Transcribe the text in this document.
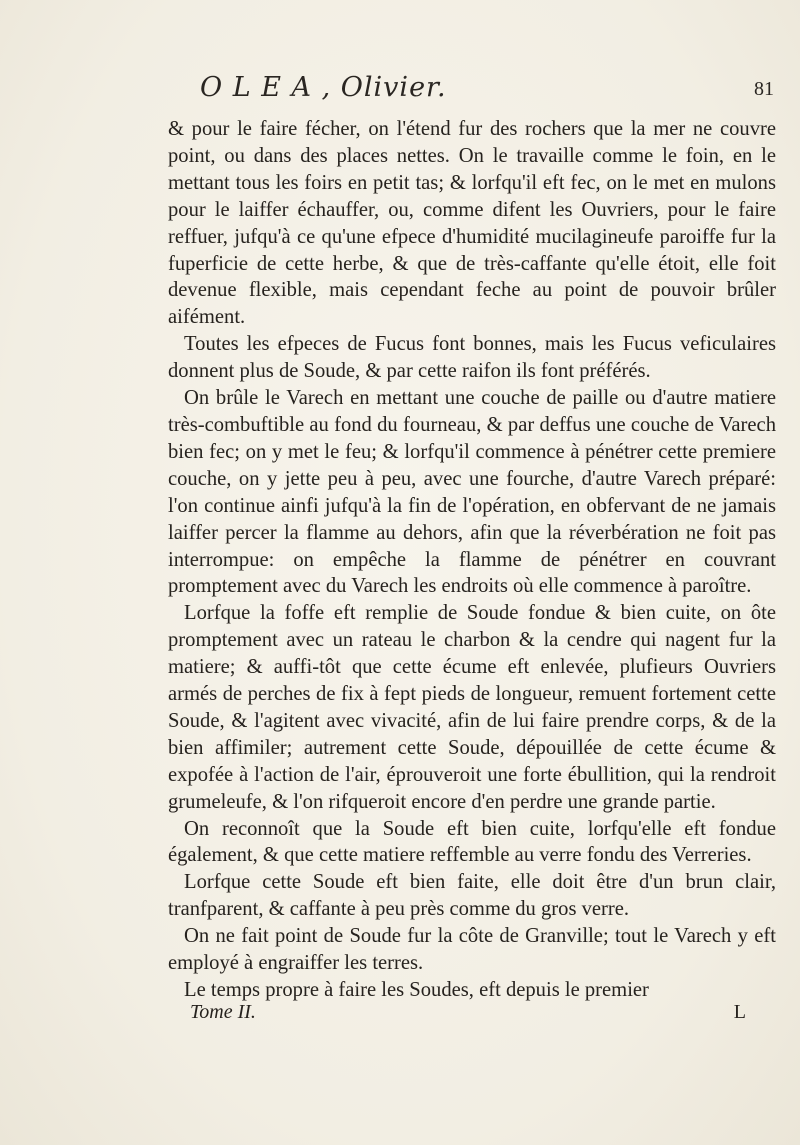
O L E A , Olivier.	81

& pour le faire fécher, on l'étend fur des rochers que la mer ne couvre point, ou dans des places nettes. On le travaille comme le foin, en le mettant tous les foirs en petit tas; & lorfqu'il eft fec, on le met en mulons pour le laiffer échauffer, ou, comme difent les Ouvriers, pour le faire reffuer, jufqu'à ce qu'une efpece d'humidité mucilagineufe paroiffe fur la fuperficie de cette herbe, & que de très-caffante qu'elle étoit, elle foit devenue flexible, mais cependant feche au point de pouvoir brûler aifément.

Toutes les efpeces de Fucus font bonnes, mais les Fucus veficulaires donnent plus de Soude, & par cette raifon ils font préférés.

On brûle le Varech en mettant une couche de paille ou d'autre matiere très-combuftible au fond du fourneau, & par deffus une couche de Varech bien fec; on y met le feu; & lorfqu'il commence à pénétrer cette premiere couche, on y jette peu à peu, avec une fourche, d'autre Varech préparé: l'on continue ainfi jufqu'à la fin de l'opération, en obfervant de ne jamais laiffer percer la flamme au dehors, afin que la réverbération ne foit pas interrompue: on empêche la flamme de pénétrer en couvrant promptement avec du Varech les endroits où elle commence à paroître.

Lorfque la foffe eft remplie de Soude fondue & bien cuite, on ôte promptement avec un rateau le charbon & la cendre qui nagent fur la matiere; & auffi-tôt que cette écume eft enlevée, plufieurs Ouvriers armés de perches de fix à fept pieds de longueur, remuent fortement cette Soude, & l'agitent avec vivacité, afin de lui faire prendre corps, & de la bien affimiler; autrement cette Soude, dépouillée de cette écume & expofée à l'action de l'air, éprouveroit une forte ébullition, qui la rendroit grumeleufe, & l'on rifqueroit encore d'en perdre une grande partie.

On reconnoît que la Soude eft bien cuite, lorfqu'elle eft fondue également, & que cette matiere reffemble au verre fondu des Verreries.

Lorfque cette Soude eft bien faite, elle doit être d'un brun clair, tranfparent, & caffante à peu près comme du gros verre.

On ne fait point de Soude fur la côte de Granville; tout le Varech y eft employé à engraiffer les terres.

Le temps propre à faire les Soudes, eft depuis le premier

Tome II.	L
